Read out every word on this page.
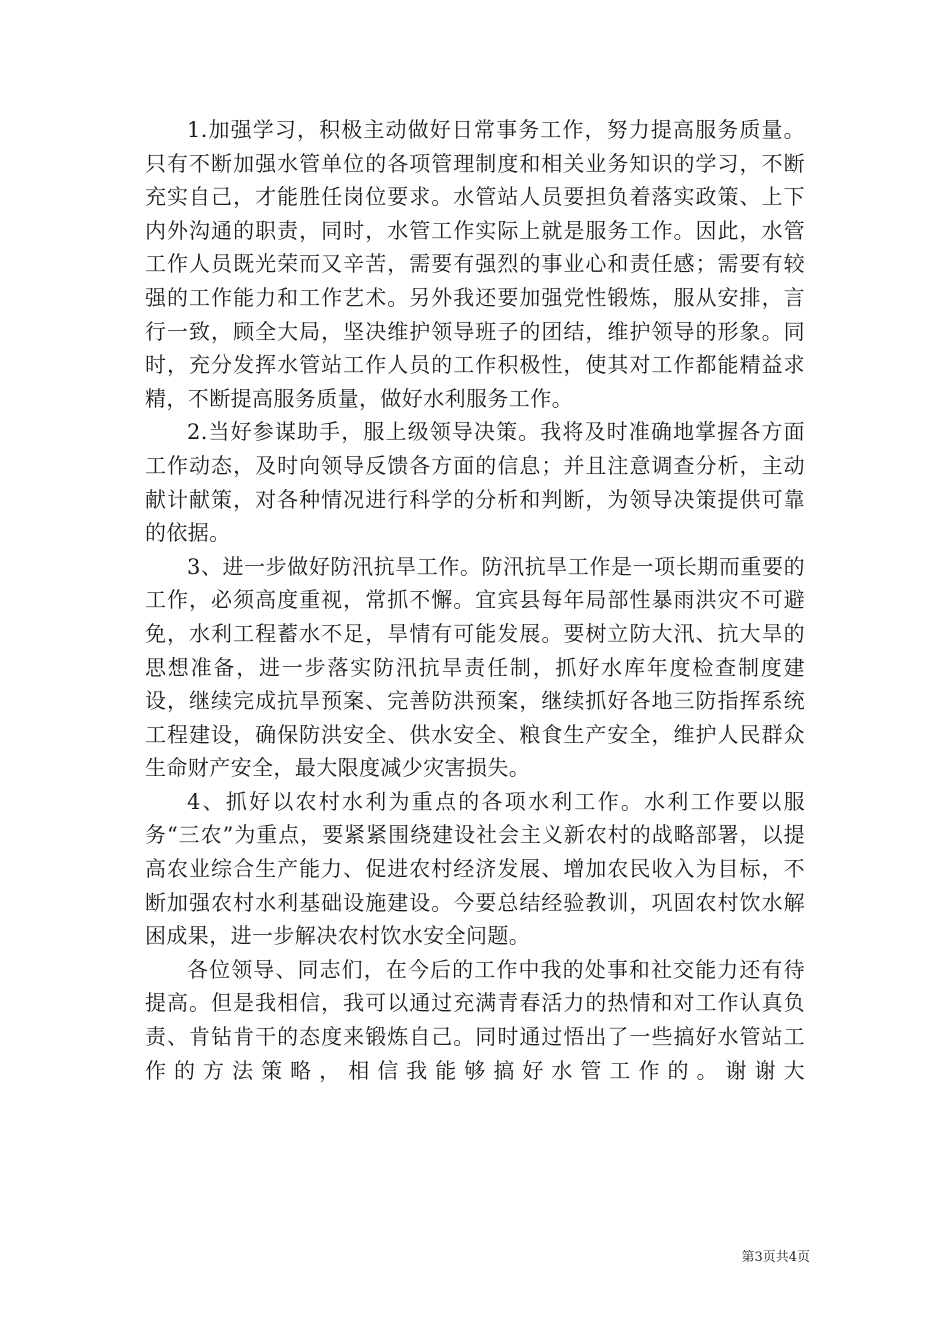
1.加强学习，积极主动做好日常事务工作，努力提高服务质量。只有不断加强水管单位的各项管理制度和相关业务知识的学习，不断充实自己，才能胜任岗位要求。水管站人员要担负着落实政策、上下内外沟通的职责，同时，水管工作实际上就是服务工作。因此，水管工作人员既光荣而又辛苦，需要有强烈的事业心和责任感；需要有较强的工作能力和工作艺术。另外我还要加强党性锻炼，服从安排，言行一致，顾全大局，坚决维护领导班子的团结，维护领导的形象。同时，充分发挥水管站工作人员的工作积极性，使其对工作都能精益求精，不断提高服务质量，做好水利服务工作。

2.当好参谋助手，服上级领导决策。我将及时准确地掌握各方面工作动态，及时向领导反馈各方面的信息；并且注意调查分析，主动献计献策，对各种情况进行科学的分析和判断，为领导决策提供可靠的依据。

3、进一步做好防汛抗旱工作。防汛抗旱工作是一项长期而重要的工作，必须高度重视，常抓不懈。宜宾县每年局部性暴雨洪灾不可避免，水利工程蓄水不足，旱情有可能发展。要树立防大汛、抗大旱的思想准备，进一步落实防汛抗旱责任制，抓好水库年度检查制度建设，继续完成抗旱预案、完善防洪预案，继续抓好各地三防指挥系统工程建设，确保防洪安全、供水安全、粮食生产安全，维护人民群众生命财产安全，最大限度减少灾害损失。

4、抓好以农村水利为重点的各项水利工作。水利工作要以服务“三农”为重点，要紧紧围绕建设社会主义新农村的战略部署，以提高农业综合生产能力、促进农村经济发展、增加农民收入为目标，不断加强农村水利基础设施建设。今要总结经验教训，巩固农村饮水解困成果，进一步解决农村饮水安全问题。

各位领导、同志们，在今后的工作中我的处事和社交能力还有待提高。但是我相信，我可以通过充满青春活力的热情和对工作认真负责、肯钻肯干的态度来锻炼自己。同时通过悟出了一些搞好水管站工作的方法策略，相信我能够搞好水管工作的。谢谢大

第3页共4页
